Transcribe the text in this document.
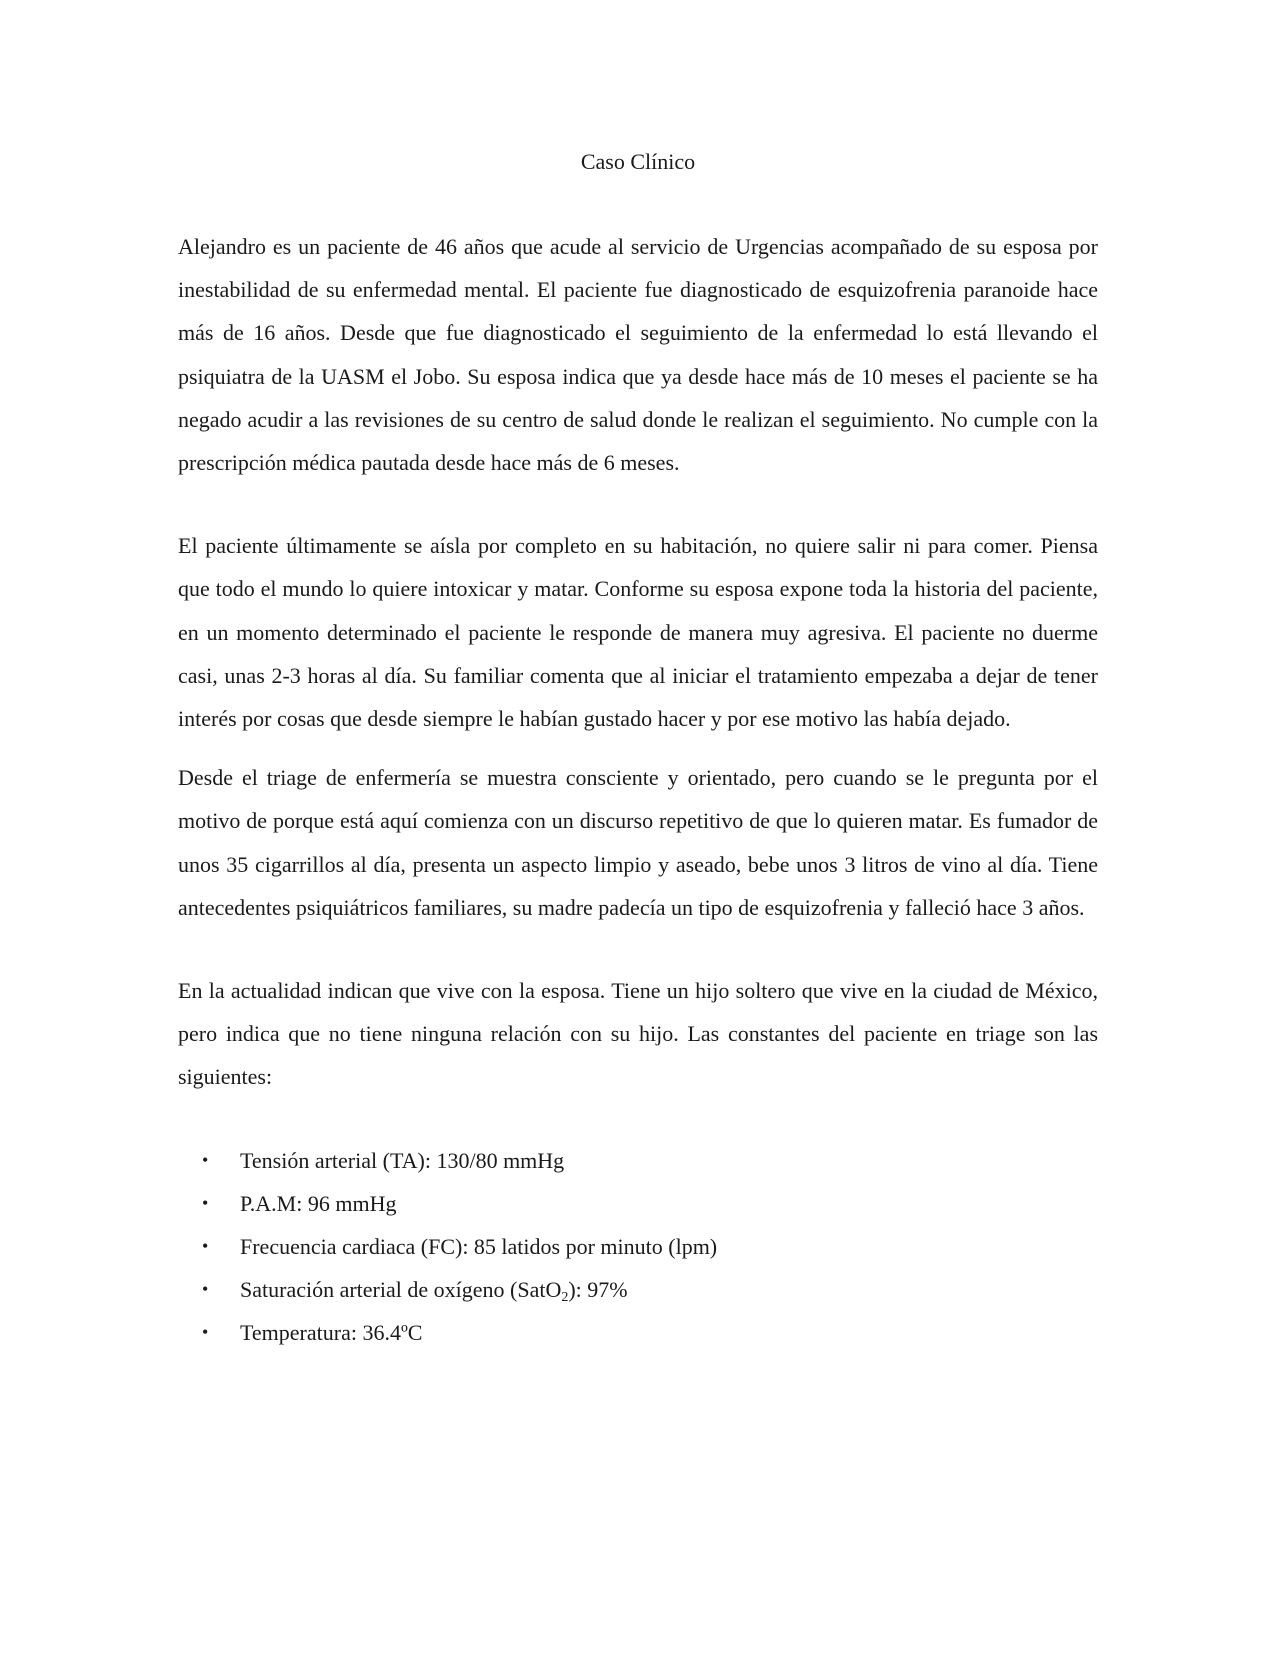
Caso Clínico

Alejandro es un paciente de 46 años que acude al servicio de Urgencias acompañado de su esposa por inestabilidad de su enfermedad mental. El paciente fue diagnosticado de esquizofrenia paranoide hace más de 16 años. Desde que fue diagnosticado el seguimiento de la enfermedad lo está llevando el psiquiatra de la UASM el Jobo. Su esposa indica que ya desde hace más de 10 meses el paciente se ha negado acudir a las revisiones de su centro de salud donde le realizan el seguimiento. No cumple con la prescripción médica pautada desde hace más de 6 meses.

El paciente últimamente se aísla por completo en su habitación, no quiere salir ni para comer. Piensa que todo el mundo lo quiere intoxicar y matar. Conforme su esposa expone toda la historia del paciente, en un momento determinado el paciente le responde de manera muy agresiva. El paciente no duerme casi, unas 2-3 horas al día. Su familiar comenta que al iniciar el tratamiento empezaba a dejar de tener interés por cosas que desde siempre le habían gustado hacer y por ese motivo las había dejado.

Desde el triage de enfermería se muestra consciente y orientado, pero cuando se le pregunta por el motivo de porque está aquí comienza con un discurso repetitivo de que lo quieren matar. Es fumador de unos 35 cigarrillos al día, presenta un aspecto limpio y aseado, bebe unos 3 litros de vino al día. Tiene antecedentes psiquiátricos familiares, su madre padecía un tipo de esquizofrenia y falleció hace 3 años.

En la actualidad indican que vive con la esposa. Tiene un hijo soltero que vive en la ciudad de México, pero indica que no tiene ninguna relación con su hijo. Las constantes del paciente en triage son las siguientes:

• Tensión arterial (TA): 130/80 mmHg
• P.A.M: 96 mmHg
• Frecuencia cardiaca (FC): 85 latidos por minuto (lpm)
• Saturación arterial de oxígeno (SatO$_2$): 97%
• Temperatura: 36.4ºC
